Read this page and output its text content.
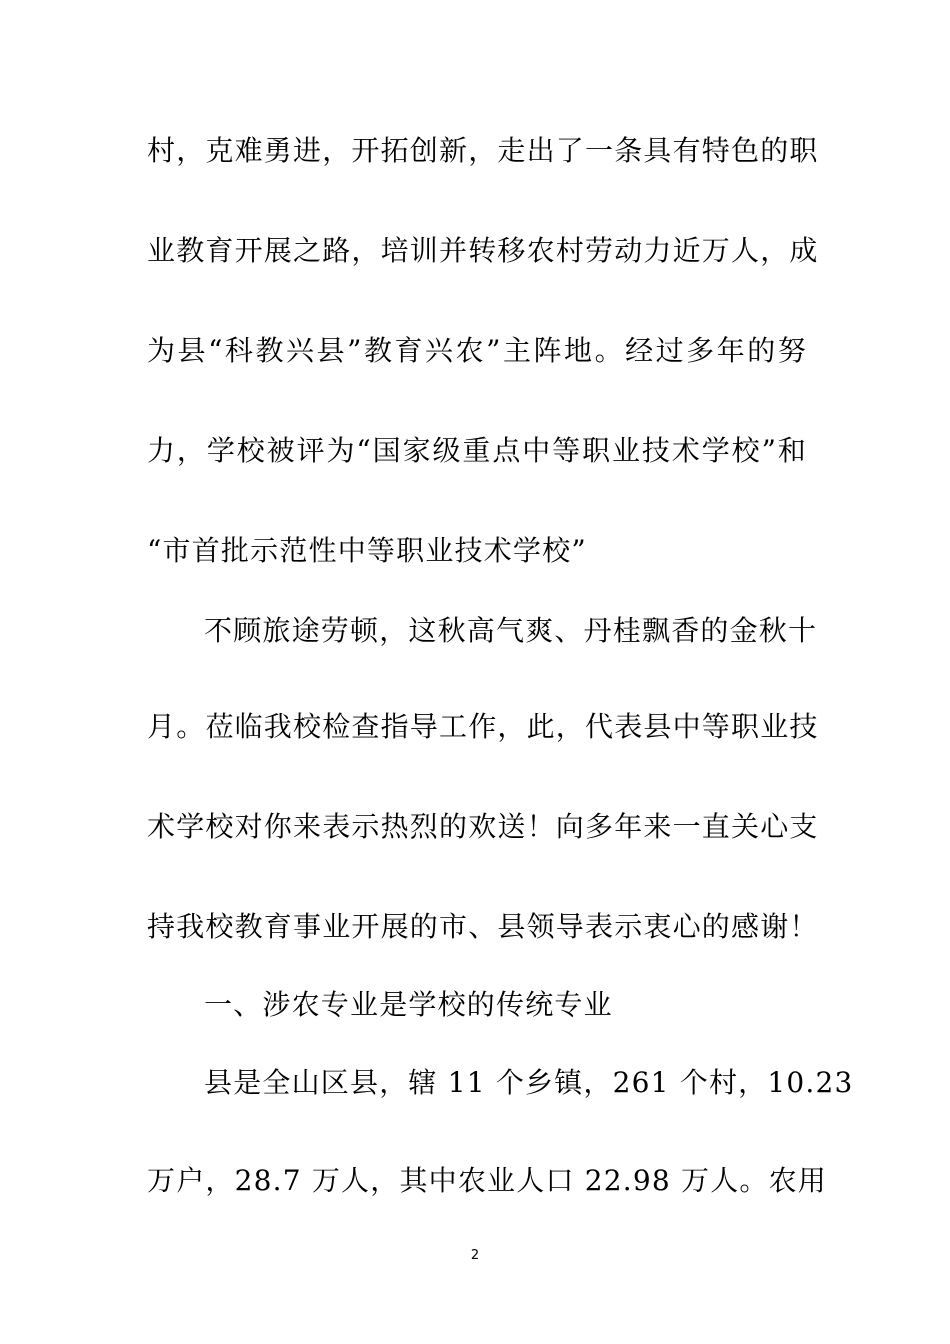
村，克难勇进，开拓创新，走出了一条具有特色的职
业教育开展之路，培训并转移农村劳动力近万人，成
为县“科教兴县”教育兴农”主阵地。经过多年的努
力，学校被评为“国家级重点中等职业技术学校”和
“市首批示范性中等职业技术学校”
不顾旅途劳顿，这秋高气爽、丹桂飘香的金秋十
月。莅临我校检查指导工作，此，代表县中等职业技
术学校对你来表示热烈的欢送！向多年来一直关心支
持我校教育事业开展的市、县领导表示衷心的感谢！
一、涉农专业是学校的传统专业
县是全山区县，辖 11 个乡镇，261 个村，10.23
万户，28.7 万人，其中农业人口 22.98 万人。农用
2
